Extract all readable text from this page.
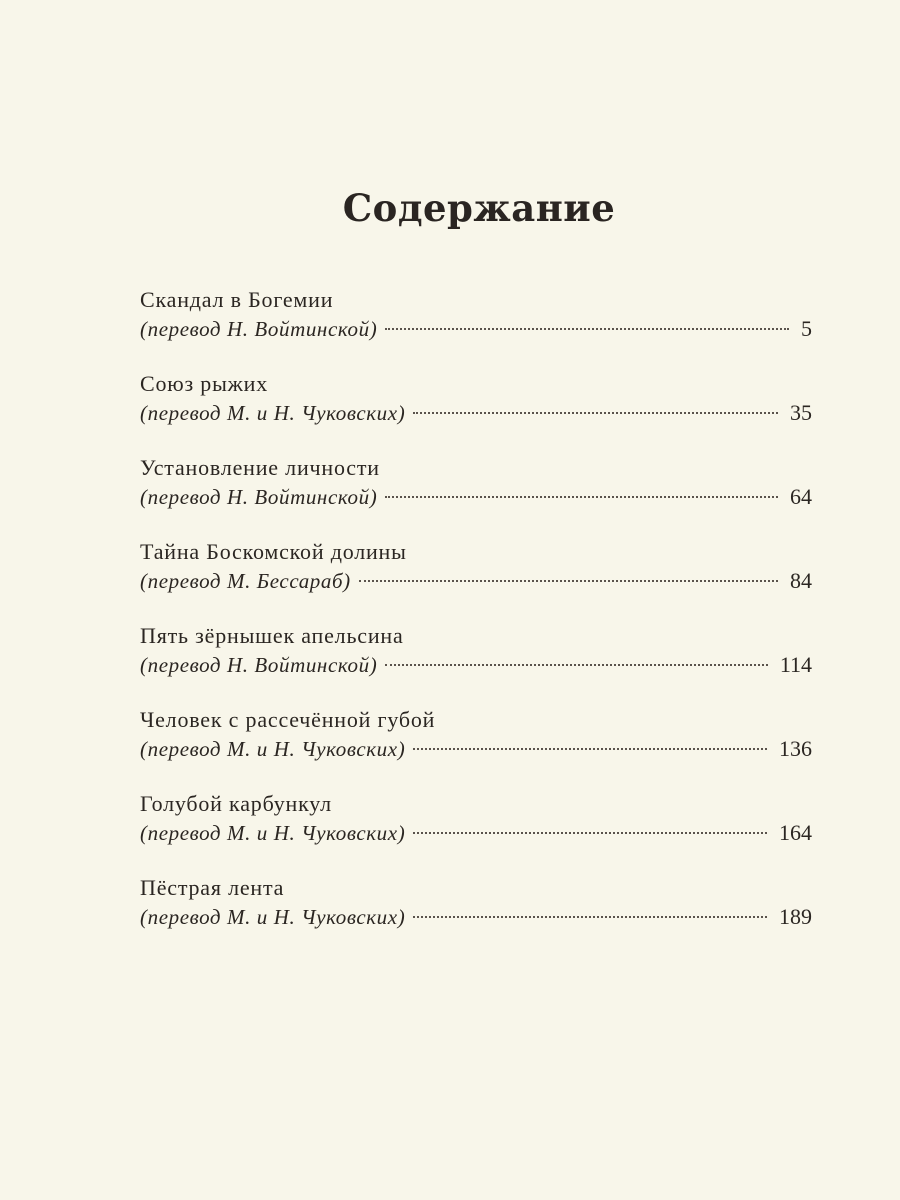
Содержание
Скандал в Богемии
(перевод Н. Войтинской)	5
Союз рыжих
(перевод М. и Н. Чуковских)	35
Установление личности
(перевод Н. Войтинской)	64
Тайна Боскомской долины
(перевод М. Бессараб)	84
Пять зёрнышек апельсина
(перевод Н. Войтинской)	114
Человек с рассечённой губой
(перевод М. и Н. Чуковских)	136
Голубой карбункул
(перевод М. и Н. Чуковских)	164
Пёстрая лента
(перевод М. и Н. Чуковских)	189
